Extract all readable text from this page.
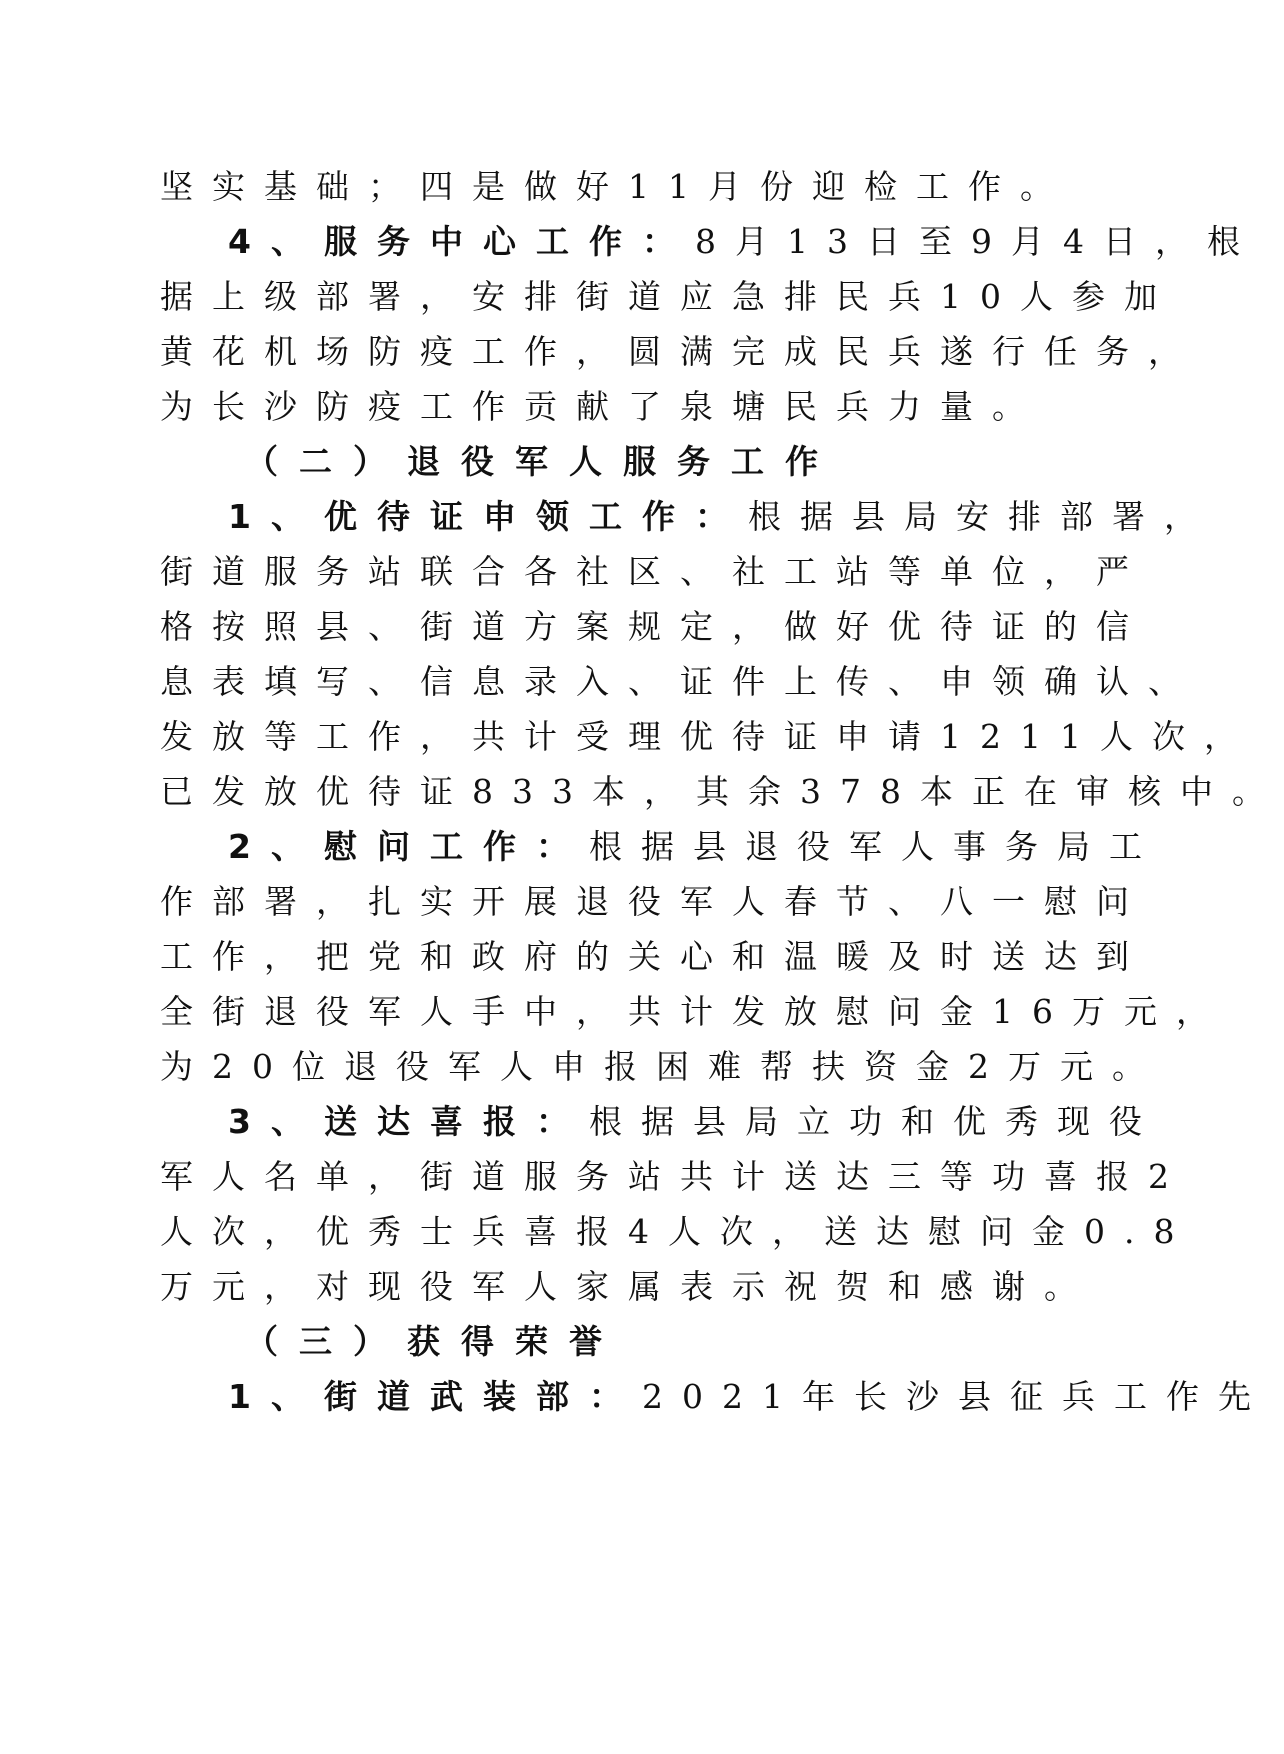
坚实基础；四是做好11月份迎检工作。
4、服务中心工作：8月13日至9月4日，根
据上级部署，安排街道应急排民兵10人参加
黄花机场防疫工作，圆满完成民兵遂行任务，
为长沙防疫工作贡献了泉塘民兵力量。
（二）退役军人服务工作
1、优待证申领工作：根据县局安排部署，
街道服务站联合各社区、社工站等单位，严
格按照县、街道方案规定，做好优待证的信
息表填写、信息录入、证件上传、申领确认、
发放等工作，共计受理优待证申请1211人次，
已发放优待证833本，其余378本正在审核中。
2、慰问工作：根据县退役军人事务局工
作部署，扎实开展退役军人春节、八一慰问
工作，把党和政府的关心和温暖及时送达到
全街退役军人手中，共计发放慰问金16万元，
为20位退役军人申报困难帮扶资金2万元。
3、送达喜报：根据县局立功和优秀现役
军人名单，街道服务站共计送达三等功喜报2
人次，优秀士兵喜报4人次，送达慰问金0.8
万元，对现役军人家属表示祝贺和感谢。
（三）获得荣誉
1、街道武装部：2021年长沙县征兵工作先
